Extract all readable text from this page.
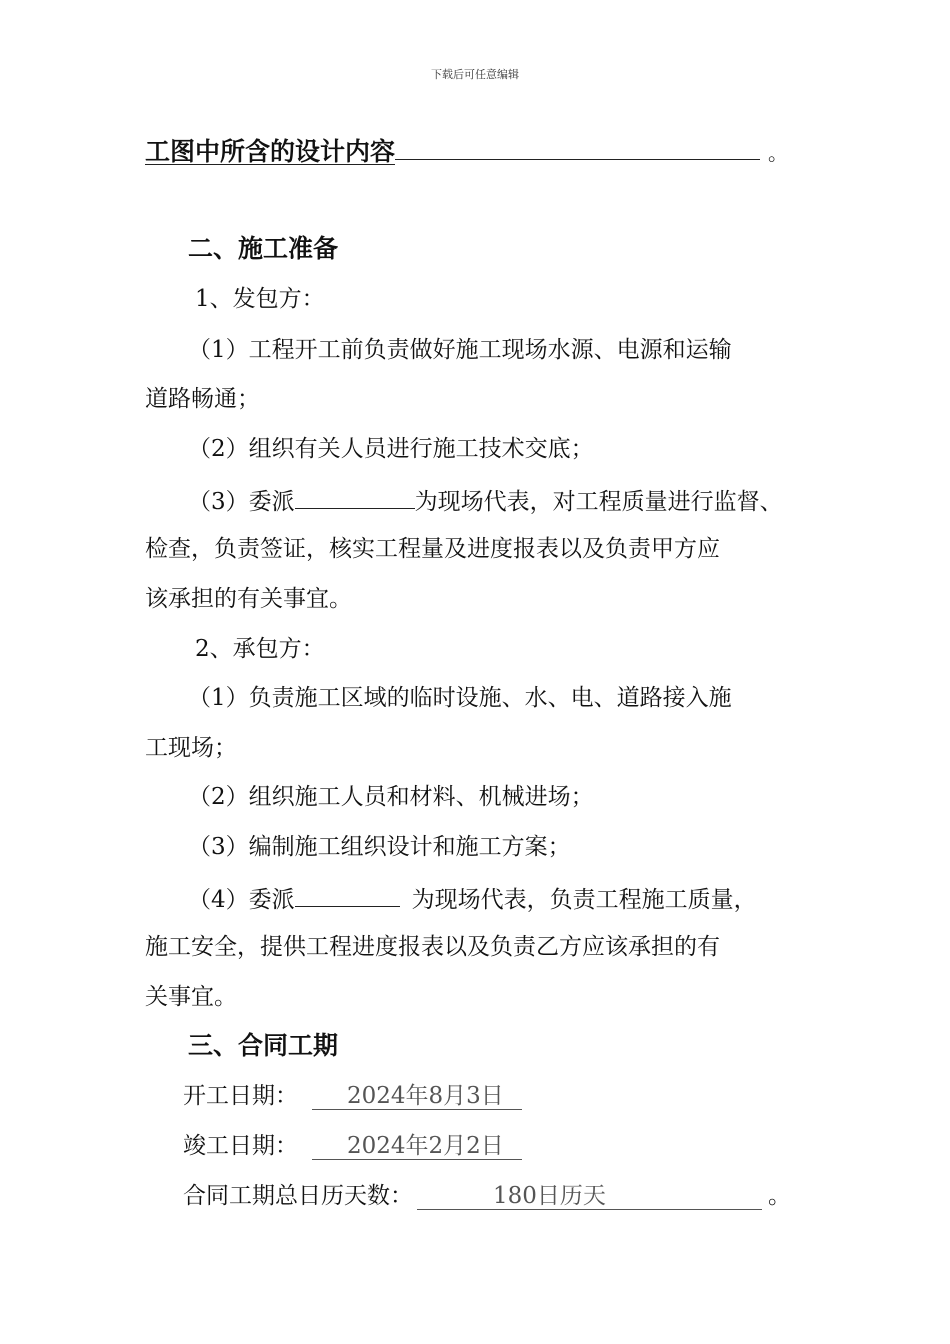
下载后可任意编辑
工图中所含的设计内容	。
二、施工准备
1、发包方：
（1）工程开工前负责做好施工现场水源、电源和运输
道路畅通；
（2）组织有关人员进行施工技术交底；
（3）委派	为现场代表，对工程质量进行监督、
检查，负责签证，核实工程量及进度报表以及负责甲方应
该承担的有关事宜。
2、承包方：
（1）负责施工区域的临时设施、水、电、道路接入施
工现场；
（2）组织施工人员和材料、机械进场；
（3）编制施工组织设计和施工方案；
（4）委派	为现场代表，负责工程施工质量，
施工安全，提供工程进度报表以及负责乙方应该承担的有
关事宜。
三、合同工期
开工日期： 2024年8月3日
竣工日期： 2024年2月2日
合同工期总日历天数：	180日历天	。
